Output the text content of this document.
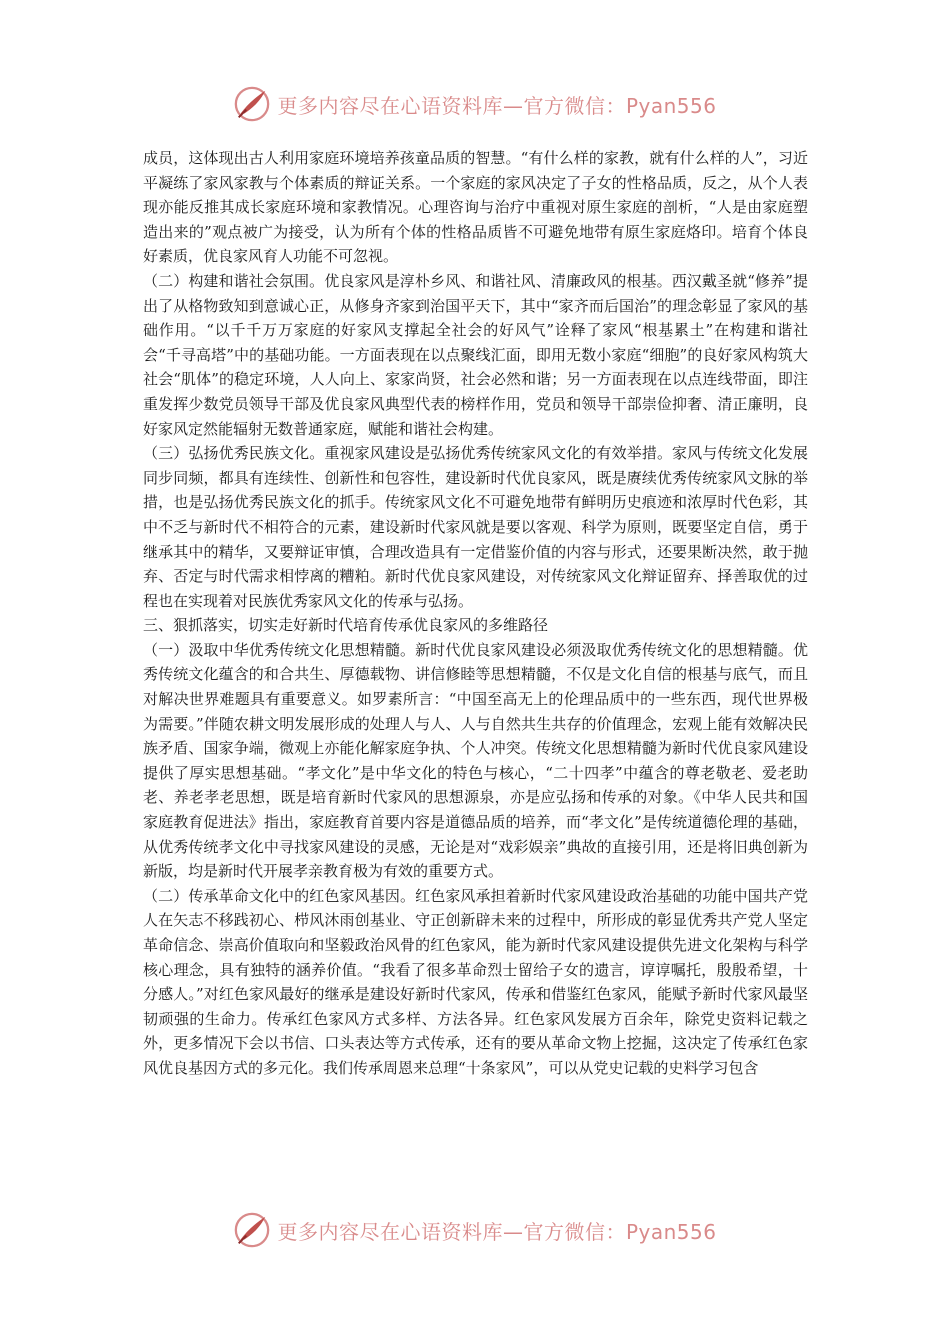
更多内容尽在心语资料库—官方微信：Pyan556

成员，这体现出古人利用家庭环境培养孩童品质的智慧。“有什么样的家教，就有什么样的人”，习近平凝练了家风家教与个体素质的辩证关系。一个家庭的家风决定了子女的性格品质，反之，从个人表现亦能反推其成长家庭环境和家教情况。心理咨询与治疗中重视对原生家庭的剖析，“人是由家庭塑造出来的”观点被广为接受，认为所有个体的性格品质皆不可避免地带有原生家庭烙印。培育个体良好素质，优良家风育人功能不可忽视。

（二）构建和谐社会氛围。优良家风是淳朴乡风、和谐社风、清廉政风的根基。西汉戴圣就“修养”提出了从格物致知到意诚心正，从修身齐家到治国平天下，其中“家齐而后国治”的理念彰显了家风的基础作用。“以千千万万家庭的好家风支撑起全社会的好风气”诠释了家风“根基累土”在构建和谐社会“千寻高塔”中的基础功能。一方面表现在以点聚线汇面，即用无数小家庭“细胞”的良好家风构筑大社会“肌体”的稳定环境，人人向上、家家尚贤，社会必然和谐；另一方面表现在以点连线带面，即注重发挥少数党员领导干部及优良家风典型代表的榜样作用，党员和领导干部崇俭抑奢、清正廉明，良好家风定然能辐射无数普通家庭，赋能和谐社会构建。

（三）弘扬优秀民族文化。重视家风建设是弘扬优秀传统家风文化的有效举措。家风与传统文化发展同步同频，都具有连续性、创新性和包容性，建设新时代优良家风，既是赓续优秀传统家风文脉的举措，也是弘扬优秀民族文化的抓手。传统家风文化不可避免地带有鲜明历史痕迹和浓厚时代色彩，其中不乏与新时代不相符合的元素，建设新时代家风就是要以客观、科学为原则，既要坚定自信，勇于继承其中的精华，又要辩证审慎，合理改造具有一定借鉴价值的内容与形式，还要果断决然，敢于抛弃、否定与时代需求相悖离的糟粕。新时代优良家风建设，对传统家风文化辩证留弃、择善取优的过程也在实现着对民族优秀家风文化的传承与弘扬。

三、狠抓落实，切实走好新时代培育传承优良家风的多维路径

（一）汲取中华优秀传统文化思想精髓。新时代优良家风建设必须汲取优秀传统文化的思想精髓。优秀传统文化蕴含的和合共生、厚德载物、讲信修睦等思想精髓，不仅是文化自信的根基与底气，而且对解决世界难题具有重要意义。如罗素所言：“中国至高无上的伦理品质中的一些东西，现代世界极为需要。”伴随农耕文明发展形成的处理人与人、人与自然共生共存的价值理念，宏观上能有效解决民族矛盾、国家争端，微观上亦能化解家庭争执、个人冲突。传统文化思想精髓为新时代优良家风建设提供了厚实思想基础。“孝文化”是中华文化的特色与核心，“二十四孝”中蕴含的尊老敬老、爱老助老、养老孝老思想，既是培育新时代家风的思想源泉，亦是应弘扬和传承的对象。《中华人民共和国家庭教育促进法》指出，家庭教育首要内容是道德品质的培养，而“孝文化”是传统道德伦理的基础，从优秀传统孝文化中寻找家风建设的灵感，无论是对“戏彩娱亲”典故的直接引用，还是将旧典创新为新版，均是新时代开展孝亲教育极为有效的重要方式。

（二）传承革命文化中的红色家风基因。红色家风承担着新时代家风建设政治基础的功能中国共产党人在矢志不移践初心、栉风沐雨创基业、守正创新辟未来的过程中，所形成的彰显优秀共产党人坚定革命信念、崇高价值取向和坚毅政治风骨的红色家风，能为新时代家风建设提供先进文化架构与科学核心理念，具有独特的涵养价值。“我看了很多革命烈士留给子女的遗言，谆谆嘱托，殷殷希望，十分感人。”对红色家风最好的继承是建设好新时代家风，传承和借鉴红色家风，能赋予新时代家风最坚韧顽强的生命力。传承红色家风方式多样、方法各异。红色家风发展方百余年，除党史资料记载之外，更多情况下会以书信、口头表达等方式传承，还有的要从革命文物上挖掘，这决定了传承红色家风优良基因方式的多元化。我们传承周恩来总理“十条家风”，可以从党史记载的史料学习包含

更多内容尽在心语资料库—官方微信：Pyan556
